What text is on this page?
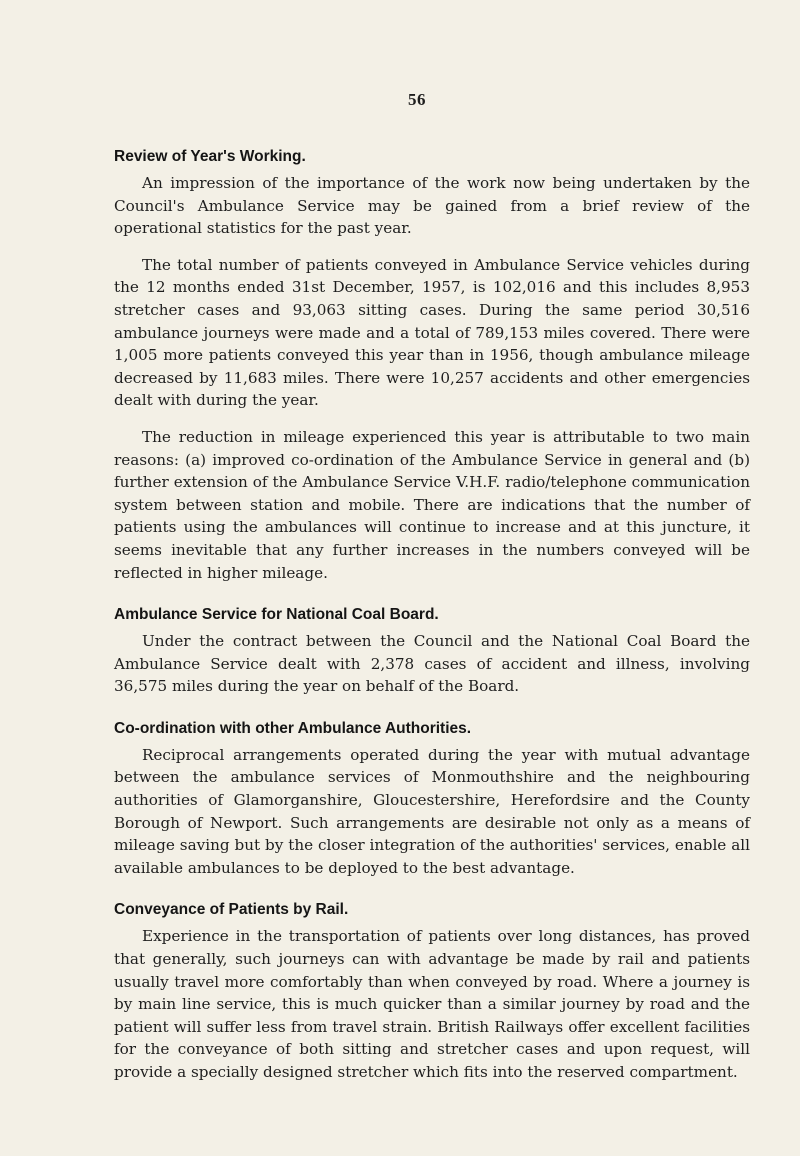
56
Review of Year's Working.

An impression of the importance of the work now being undertaken by the Council's Ambulance Service may be gained from a brief review of the operational statistics for the past year.

The total number of patients conveyed in Ambulance Service vehicles during the 12 months ended 31st December, 1957, is 102,016 and this includes 8,953 stretcher cases and 93,063 sitting cases. During the same period 30,516 ambulance journeys were made and a total of 789,153 miles covered. There were 1,005 more patients conveyed this year than in 1956, though ambulance mileage decreased by 11,683 miles. There were 10,257 accidents and other emergencies dealt with during the year.

The reduction in mileage experienced this year is attributable to two main reasons: (a) improved co-ordination of the Ambulance Service in general and (b) further extension of the Ambulance Service V.H.F. radio/telephone communication system between station and mobile. There are indications that the number of patients using the ambulances will continue to increase and at this juncture, it seems inevitable that any further increases in the numbers conveyed will be reflected in higher mileage.

Ambulance Service for National Coal Board.

Under the contract between the Council and the National Coal Board the Ambulance Service dealt with 2,378 cases of accident and illness, involving 36,575 miles during the year on behalf of the Board.

Co-ordination with other Ambulance Authorities.

Reciprocal arrangements operated during the year with mutual advantage between the ambulance services of Monmouthshire and the neighbouring authorities of Glamorganshire, Gloucestershire, Herefordsire and the County Borough of Newport. Such arrangements are desirable not only as a means of mileage saving but by the closer integration of the authorities' services, enable all available ambulances to be deployed to the best advantage.

Conveyance of Patients by Rail.

Experience in the transportation of patients over long distances, has proved that generally, such journeys can with advantage be made by rail and patients usually travel more comfortably than when conveyed by road. Where a journey is by main line service, this is much quicker than a similar journey by road and the patient will suffer less from travel strain. British Railways offer excellent facilities for the conveyance of both sitting and stretcher cases and upon request, will provide a specially designed stretcher which fits into the reserved compartment.
